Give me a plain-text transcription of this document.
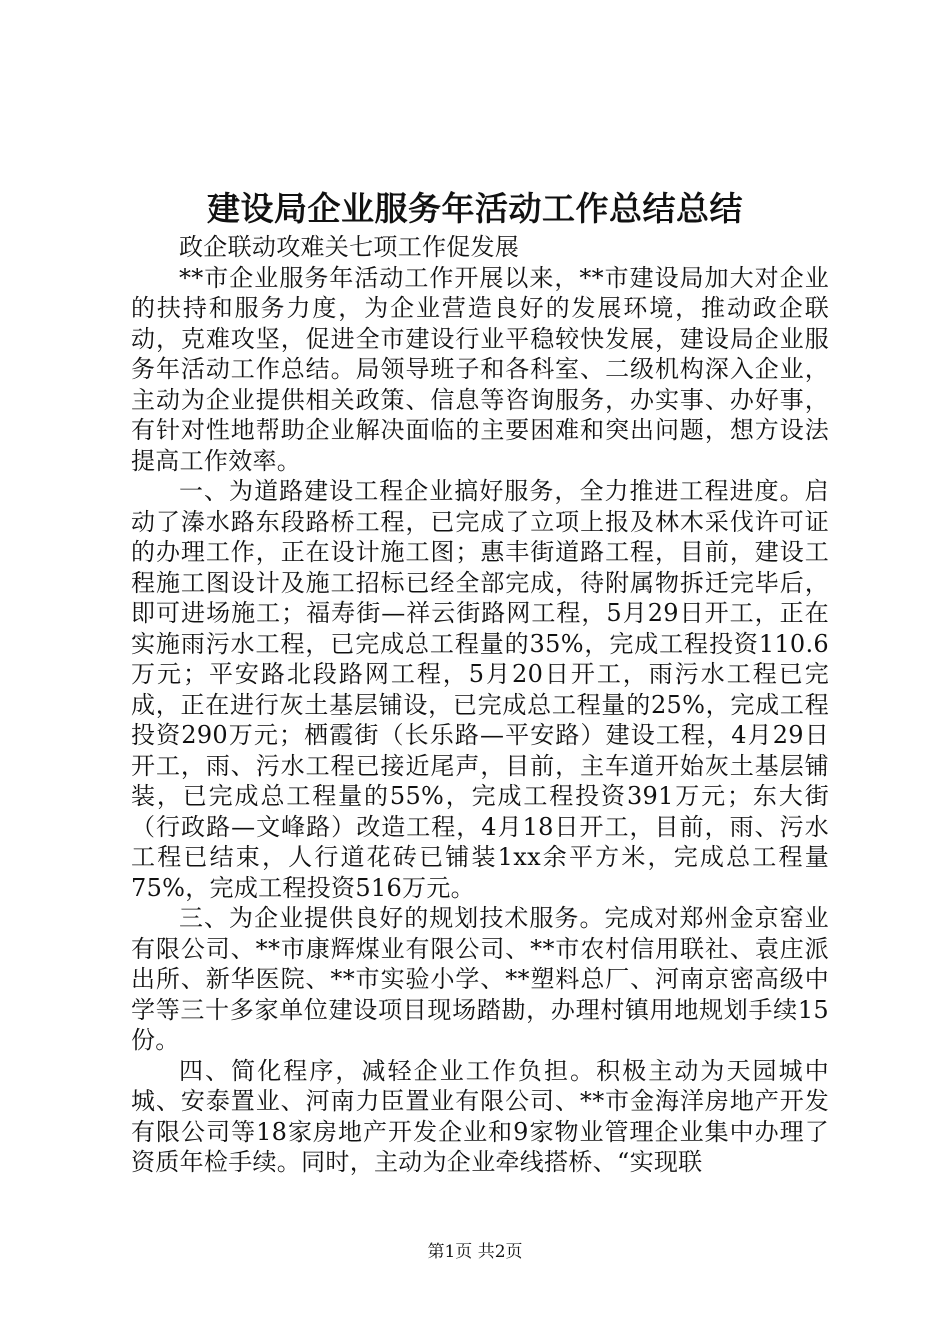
建设局企业服务年活动工作总结总结

政企联动攻难关七项工作促发展

**市企业服务年活动工作开展以来，**市建设局加大对企业的扶持和服务力度，为企业营造良好的发展环境，推动政企联动，克难攻坚，促进全市建设行业平稳较快发展，建设局企业服务年活动工作总结。局领导班子和各科室、二级机构深入企业，主动为企业提供相关政策、信息等咨询服务，办实事、办好事，有针对性地帮助企业解决面临的主要困难和突出问题，想方设法提高工作效率。

一、为道路建设工程企业搞好服务，全力推进工程进度。启动了溱水路东段路桥工程，已完成了立项上报及林木采伐许可证的办理工作，正在设计施工图；惠丰街道路工程，目前，建设工程施工图设计及施工招标已经全部完成，待附属物拆迁完毕后，即可进场施工；福寿街—祥云街路网工程，5月29日开工，正在实施雨污水工程，已完成总工程量的35%，完成工程投资110.6万元；平安路北段路网工程，5月20日开工，雨污水工程已完成，正在进行灰土基层铺设，已完成总工程量的25%，完成工程投资290万元；栖霞街（长乐路—平安路）建设工程，4月29日开工，雨、污水工程已接近尾声，目前，主车道开始灰土基层铺装，已完成总工程量的55%，完成工程投资391万元；东大街（行政路—文峰路）改造工程，4月18日开工，目前，雨、污水工程已结束，人行道花砖已铺装1xx余平方米，完成总工程量75%，完成工程投资516万元。

三、为企业提供良好的规划技术服务。完成对郑州金京窑业有限公司、**市康辉煤业有限公司、**市农村信用联社、袁庄派出所、新华医院、**市实验小学、**塑料总厂、河南京密高级中学等三十多家单位建设项目现场踏勘，办理村镇用地规划手续15份。

四、简化程序，减轻企业工作负担。积极主动为天园城中城、安泰置业、河南力臣置业有限公司、**市金海洋房地产开发有限公司等18家房地产开发企业和9家物业管理企业集中办理了资质年检手续。同时，主动为企业牵线搭桥、“实现联

第1页 共2页
